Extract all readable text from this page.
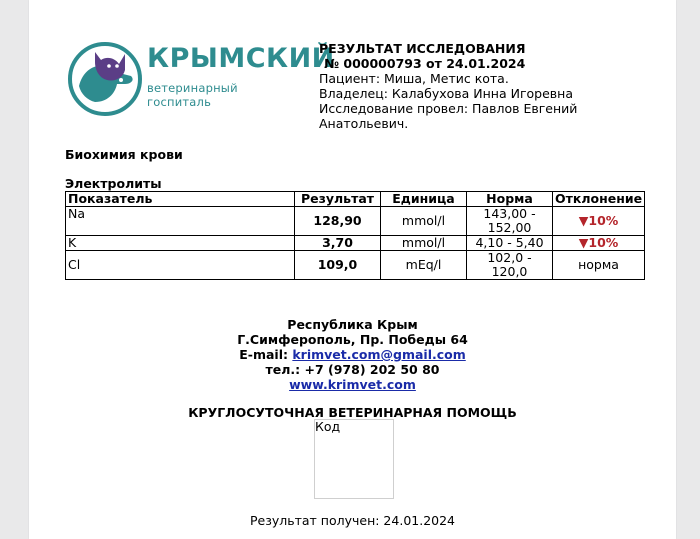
КРЫМСКИЙ
ветеринарный госпиталь
РЕЗУЛЬТАТ ИССЛЕДОВАНИЯ
№ 000000793 от 24.01.2024
Пациент: Миша, Метис кота.
Владелец: Калабухова Инна Игоревна
Исследование провел: Павлов Евгений Анатольевич.
Биохимия крови
Электролиты
Показатель	Результат	Единица	Норма	Отклонение
Na	128,90	mmol/l	143,00 - 152,00	▼10%
K	3,70	mmol/l	4,10 - 5,40	▼10%
Cl	109,0	mEq/l	102,0 - 120,0	норма
Республика Крым
Г.Симферополь, Пр. Победы 64
E-mail: krimvet.com@gmail.com
тел.: +7 (978) 202 50 80
www.krimvet.com
КРУГЛОСУТОЧНАЯ ВЕТЕРИНАРНАЯ ПОМОЩЬ
Код
Результат получен: 24.01.2024
